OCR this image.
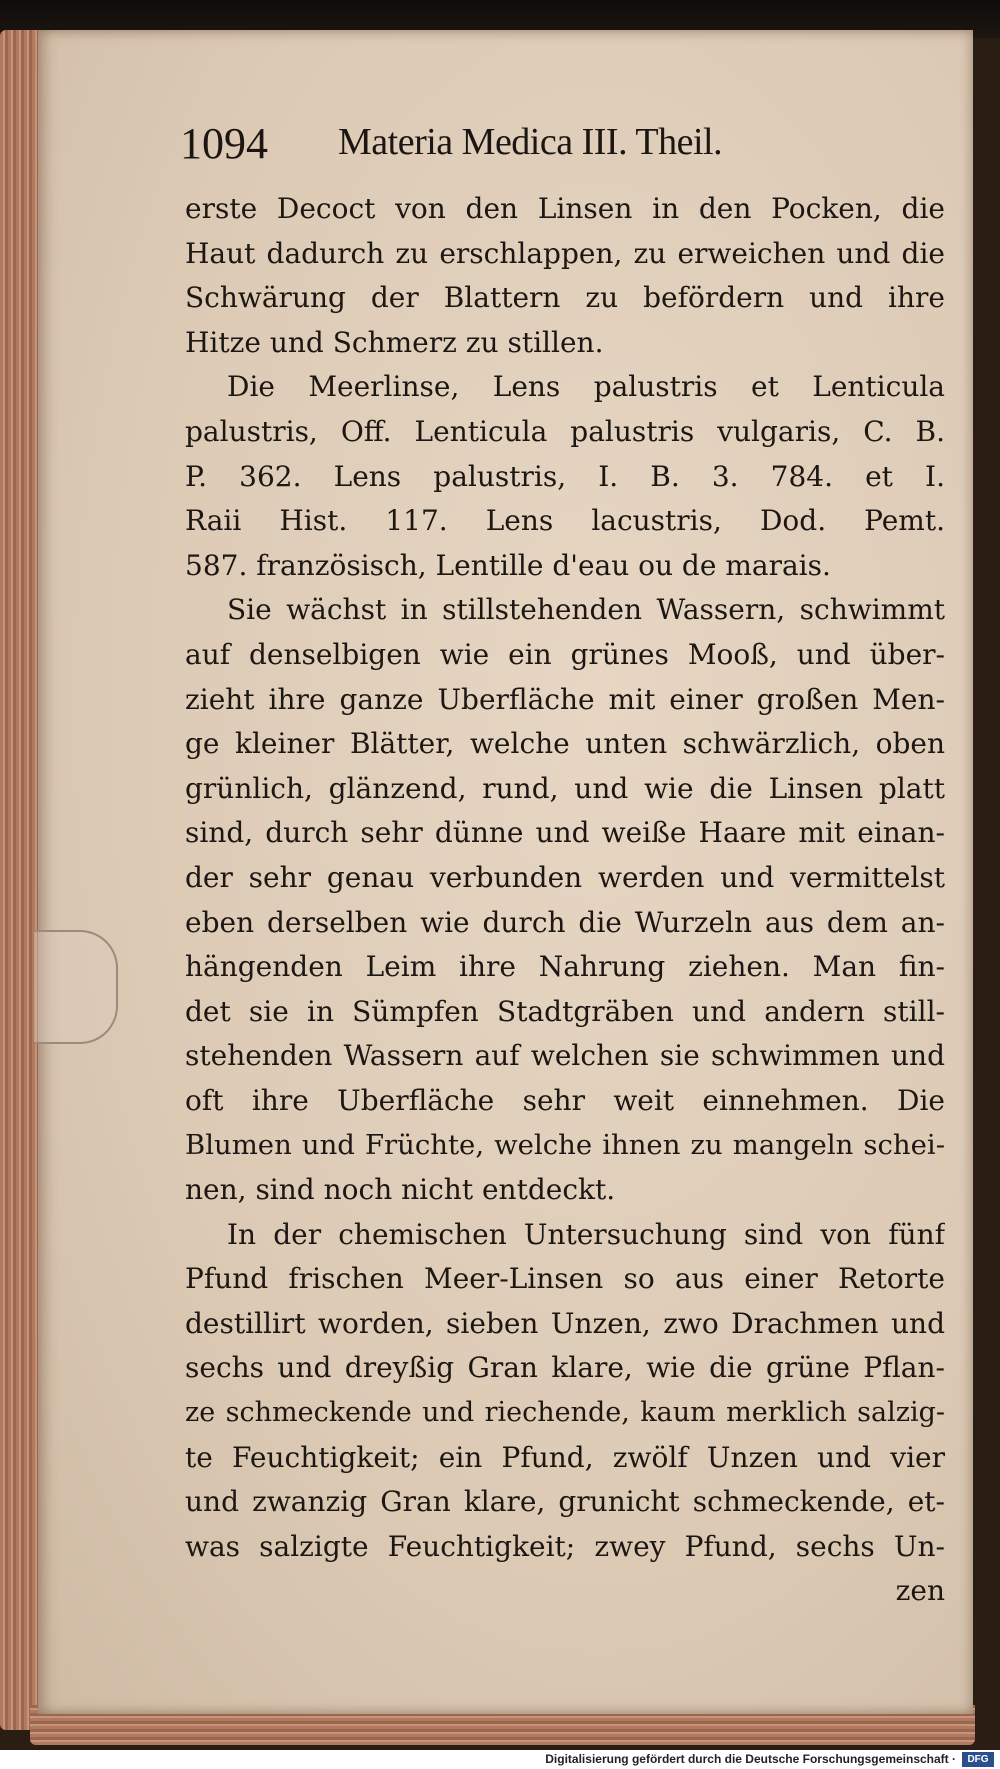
1094 Materia Medica III. Theil.
erste Decoct von den Linsen in den Pocken, die
Haut dadurch zu erschlappen, zu erweichen und die
Schwärung der Blattern zu befördern und ihre
Hitze und Schmerz zu stillen.
Die Meerlinse, Lens palustris et Lenticula
palustris, Off. Lenticula palustris vulgaris, C. B.
P. 362. Lens palustris, I. B. 3. 784. et I.
Raii Hist. 117. Lens lacustris, Dod. Pemt.
587. französisch, Lentille d'eau ou de marais.
Sie wächst in stillstehenden Wassern, schwimmt
auf denselbigen wie ein grünes Mooß, und über-
zieht ihre ganze Uberfläche mit einer großen Men-
ge kleiner Blätter, welche unten schwärzlich, oben
grünlich, glänzend, rund, und wie die Linsen platt
sind, durch sehr dünne und weiße Haare mit einan-
der sehr genau verbunden werden und vermittelst
eben derselben wie durch die Wurzeln aus dem an-
hängenden Leim ihre Nahrung ziehen. Man fin-
det sie in Sümpfen Stadtgräben und andern still-
stehenden Wassern auf welchen sie schwimmen und
oft ihre Uberfläche sehr weit einnehmen. Die
Blumen und Früchte, welche ihnen zu mangeln schei-
nen, sind noch nicht entdeckt.
In der chemischen Untersuchung sind von fünf
Pfund frischen Meer-Linsen so aus einer Retorte
destillirt worden, sieben Unzen, zwo Drachmen und
sechs und dreyßig Gran klare, wie die grüne Pflan-
ze schmeckende und riechende, kaum merklich salzig-
te Feuchtigkeit; ein Pfund, zwölf Unzen und vier
und zwanzig Gran klare, grunicht schmeckende, et-
was salzigte Feuchtigkeit; zwey Pfund, sechs Un-
zen
Digitalisierung gefördert durch die Deutsche Forschungsgemeinschaft ·	DFG
